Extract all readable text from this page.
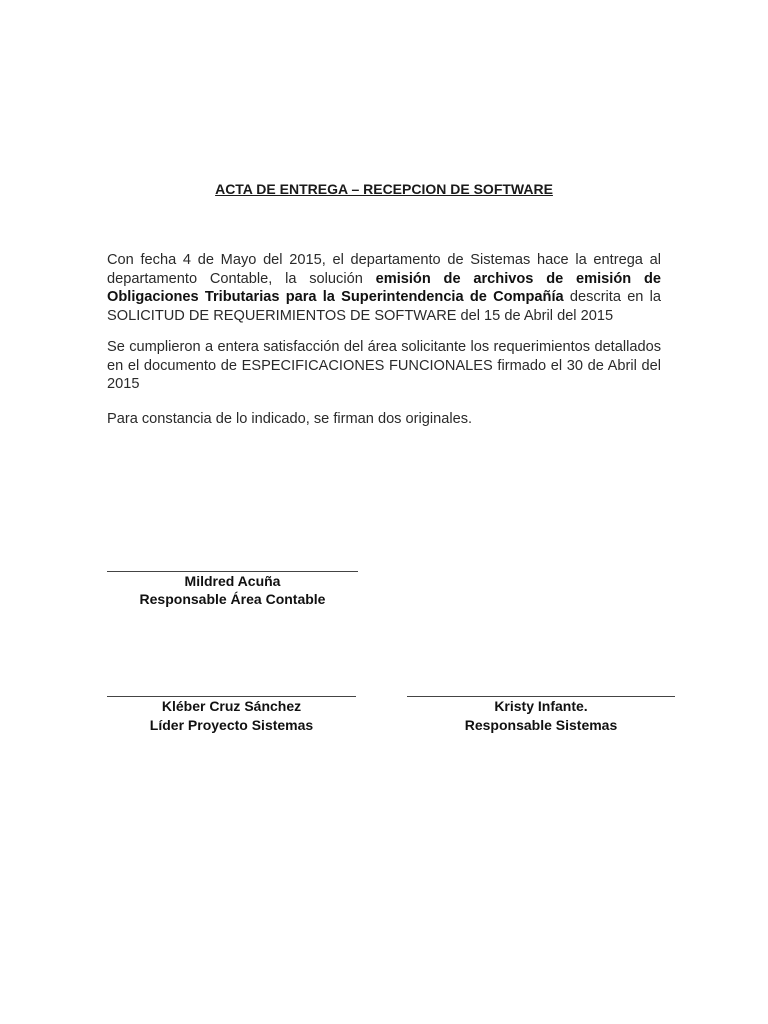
ACTA DE ENTREGA – RECEPCION DE SOFTWARE

Con fecha 4 de Mayo del 2015, el departamento de Sistemas hace la entrega al departamento Contable, la solución emisión de archivos de emisión de Obligaciones Tributarias para la Superintendencia de Compañía descrita en la SOLICITUD DE REQUERIMIENTOS DE SOFTWARE del 15 de Abril del 2015

Se cumplieron a entera satisfacción del área solicitante los requerimientos detallados en el documento de ESPECIFICACIONES FUNCIONALES firmado el 30 de Abril del 2015

Para constancia de lo indicado, se firman dos originales.

Mildred Acuña

Responsable Área Contable

Kléber Cruz Sánchez

Líder Proyecto Sistemas

Kristy Infante.

Responsable Sistemas
